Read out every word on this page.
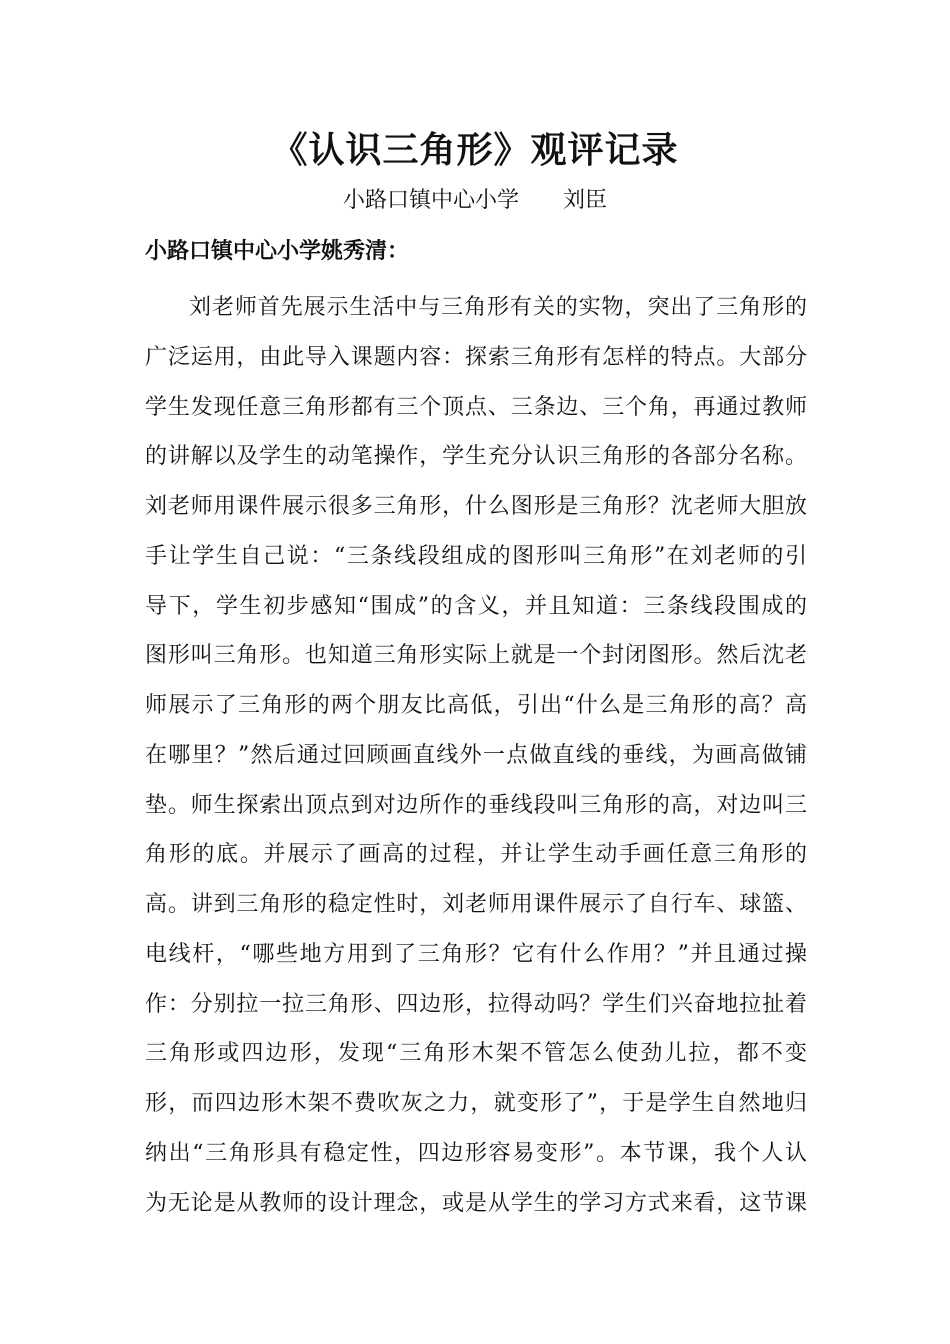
《认识三角形》观评记录

小路口镇中心小学 刘臣

小路口镇中心小学姚秀清：

刘老师首先展示生活中与三角形有关的实物，突出了三角形的
广泛运用，由此导入课题内容：探索三角形有怎样的特点。大部分
学生发现任意三角形都有三个顶点、三条边、三个角，再通过教师
的讲解以及学生的动笔操作，学生充分认识三角形的各部分名称。
刘老师用课件展示很多三角形，什么图形是三角形？沈老师大胆放
手让学生自己说：“三条线段组成的图形叫三角形”在刘老师的引
导下，学生初步感知“围成”的含义，并且知道：三条线段围成的
图形叫三角形。也知道三角形实际上就是一个封闭图形。然后沈老
师展示了三角形的两个朋友比高低，引出“什么是三角形的高？高
在哪里？”然后通过回顾画直线外一点做直线的垂线，为画高做铺
垫。师生探索出顶点到对边所作的垂线段叫三角形的高，对边叫三
角形的底。并展示了画高的过程，并让学生动手画任意三角形的
高。讲到三角形的稳定性时，刘老师用课件展示了自行车、球篮、
电线杆，“哪些地方用到了三角形？它有什么作用？”并且通过操
作：分别拉一拉三角形、四边形，拉得动吗？学生们兴奋地拉扯着
三角形或四边形，发现“三角形木架不管怎么使劲儿拉，都不变
形，而四边形木架不费吹灰之力，就变形了”，于是学生自然地归
纳出“三角形具有稳定性，四边形容易变形”。本节课，我个人认
为无论是从教师的设计理念，或是从学生的学习方式来看，这节课
